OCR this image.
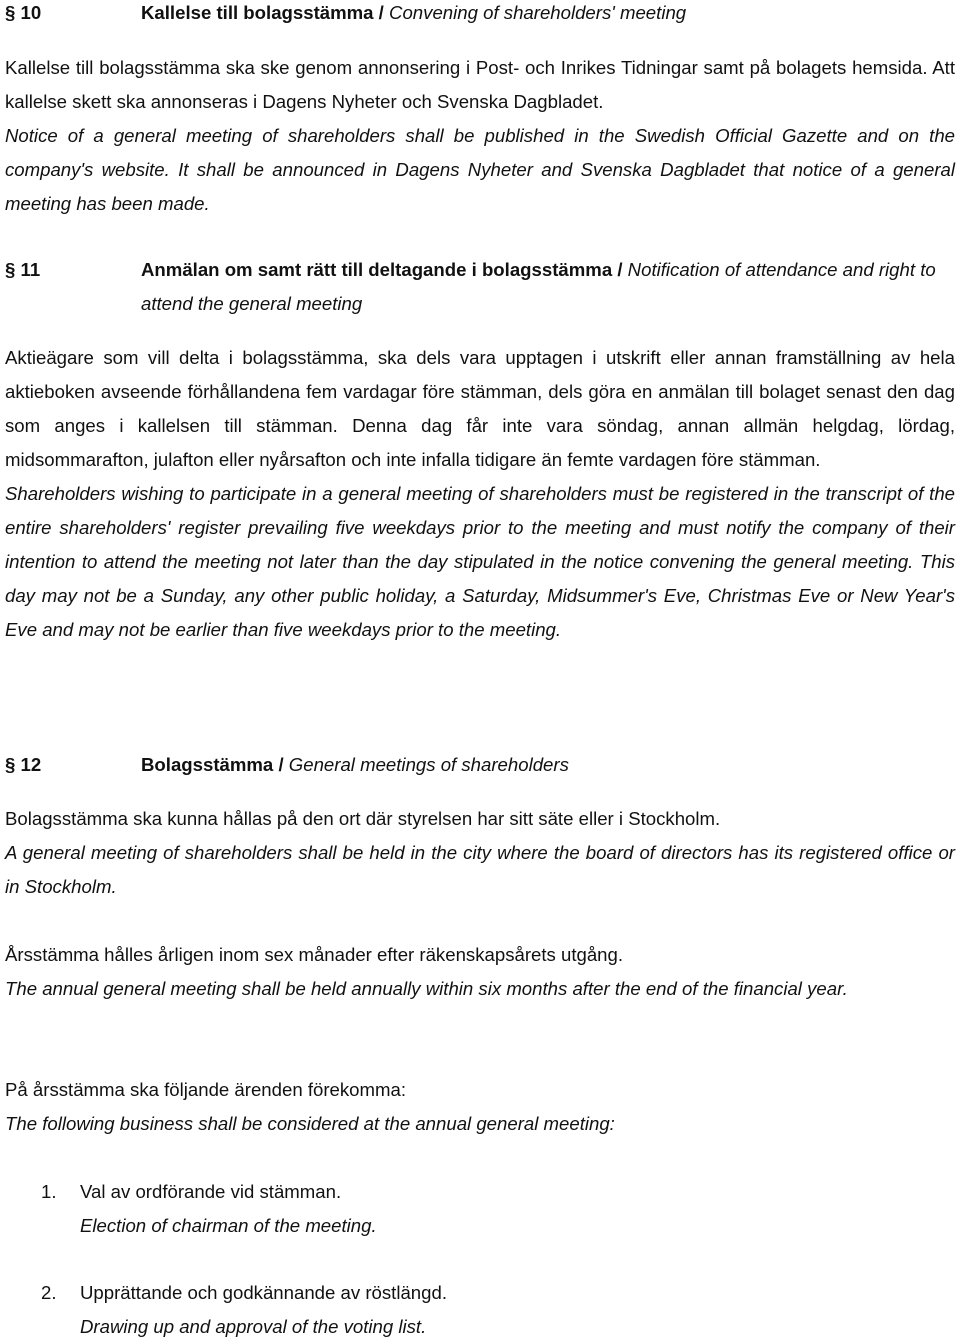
§ 10	Kallelse till bolagsstämma / Convening of shareholders' meeting

Kallelse till bolagsstämma ska ske genom annonsering i Post- och Inrikes Tidningar samt på bolagets hemsida. Att kallelse skett ska annonseras i Dagens Nyheter och Svenska Dagbladet.
Notice of a general meeting of shareholders shall be published in the Swedish Official Gazette and on the company's website. It shall be announced in Dagens Nyheter and Svenska Dagbladet that notice of a general meeting has been made.

§ 11	Anmälan om samt rätt till deltagande i bolagsstämma / Notification of attendance and right to attend the general meeting

Aktieägare som vill delta i bolagsstämma, ska dels vara upptagen i utskrift eller annan framställning av hela aktieboken avseende förhållandena fem vardagar före stämman, dels göra en anmälan till bolaget senast den dag som anges i kallelsen till stämman. Denna dag får inte vara söndag, annan allmän helgdag, lördag, midsommarafton, julafton eller nyårsafton och inte infalla tidigare än femte vardagen före stämman.
Shareholders wishing to participate in a general meeting of shareholders must be registered in the transcript of the entire shareholders' register prevailing five weekdays prior to the meeting and must notify the company of their intention to attend the meeting not later than the day stipulated in the notice convening the general meeting. This day may not be a Sunday, any other public holiday, a Saturday, Midsummer's Eve, Christmas Eve or New Year's Eve and may not be earlier than five weekdays prior to the meeting.

§ 12	Bolagsstämma / General meetings of shareholders

Bolagsstämma ska kunna hållas på den ort där styrelsen har sitt säte eller i Stockholm.
A general meeting of shareholders shall be held in the city where the board of directors has its registered office or in Stockholm.

Årsstämma hålles årligen inom sex månader efter räkenskapsårets utgång.
The annual general meeting shall be held annually within six months after the end of the financial year.

På årsstämma ska följande ärenden förekomma:
The following business shall be considered at the annual general meeting:

1. Val av ordförande vid stämman.
Election of chairman of the meeting.
2. Upprättande och godkännande av röstlängd.
Drawing up and approval of the voting list.
